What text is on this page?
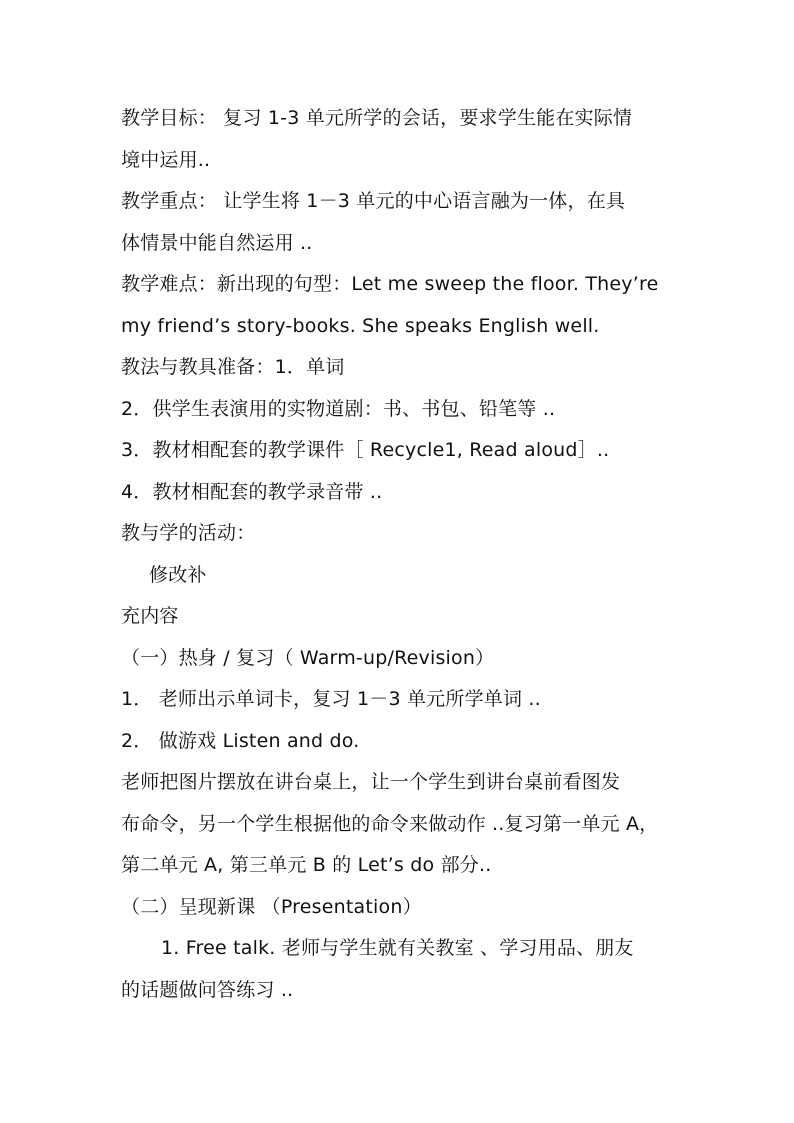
教学目标： 复习 1-3 单元所学的会话，要求学生能在实际情
境中运用..
教学重点： 让学生将 1－3 单元的中心语言融为一体，在具
体情景中能自然运用 ..
教学难点：新出现的句型：Let me sweep the floor. They’re
my friend’s story-books. She speaks English well.
教法与教具准备：1．单词
2．供学生表演用的实物道剧：书、书包、铅笔等 ..
3．教材相配套的教学课件［ Recycle1, Read aloud］..
4．教材相配套的教学录音带 ..
教与学的活动：
修改补
充内容
（一）热身 / 复习（ Warm-up/Revision）
1． 老师出示单词卡，复习 1－3 单元所学单词 ..
2． 做游戏 Listen and do.
老师把图片摆放在讲台桌上，让一个学生到讲台桌前看图发
布命令，另一个学生根据他的命令来做动作 ..复习第一单元 A，
第二单元 A, 第三单元 B 的 Let’s do 部分..
（二）呈现新课 （Presentation）
1. Free talk. 老师与学生就有关教室 、学习用品、朋友
的话题做问答练习 ..
